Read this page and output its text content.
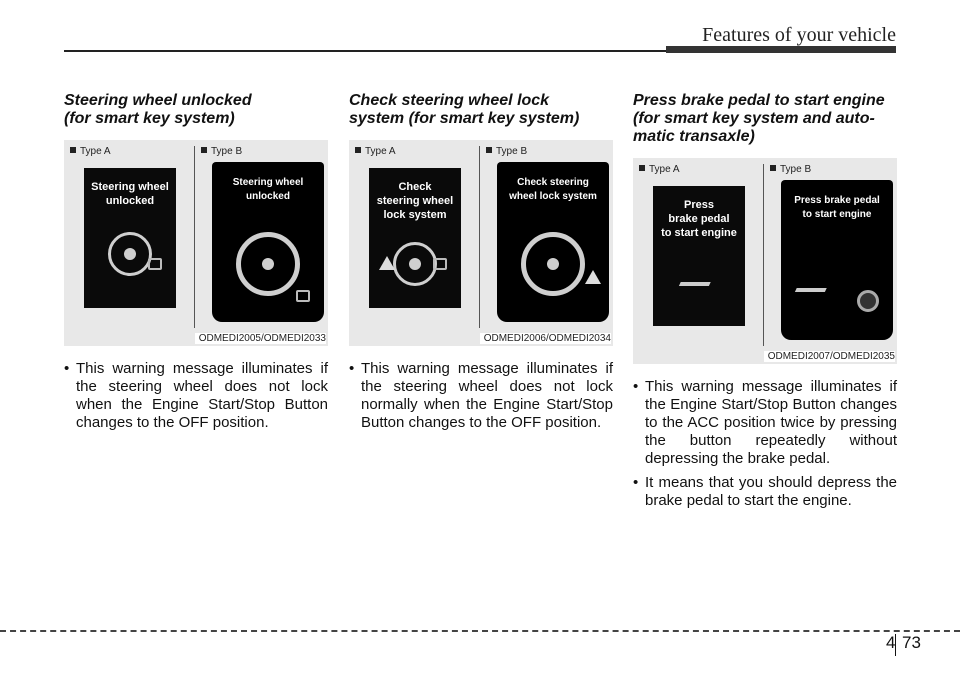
Features of your vehicle

Steering wheel unlocked
(for smart key system)

Type A	Type B
Steering wheel
unlocked
Steering wheel
unlocked
ODMEDI2005/ODMEDI2033
• This warning message illuminates if the steering wheel does not lock when the Engine Start/Stop Button changes to the OFF position.

Check steering wheel lock
system (for smart key system)

Type A	Type B
Check
steering wheel
lock system
Check steering
wheel lock system
ODMEDI2006/ODMEDI2034
• This warning message illuminates if the steering wheel does not lock normally when the Engine Start/Stop Button changes to the OFF position.

Press brake pedal to start engine
(for smart key system and auto-
matic transaxle)

Type A	Type B
Press
brake pedal
to start engine
Press brake pedal
to start engine
ODMEDI2007/ODMEDI2035
• This warning message illuminates if the Engine Start/Stop Button changes to the ACC position twice by pressing the button repeatedly without depressing the brake pedal.
• It means that you should depress the brake pedal to start the engine.
4 73
